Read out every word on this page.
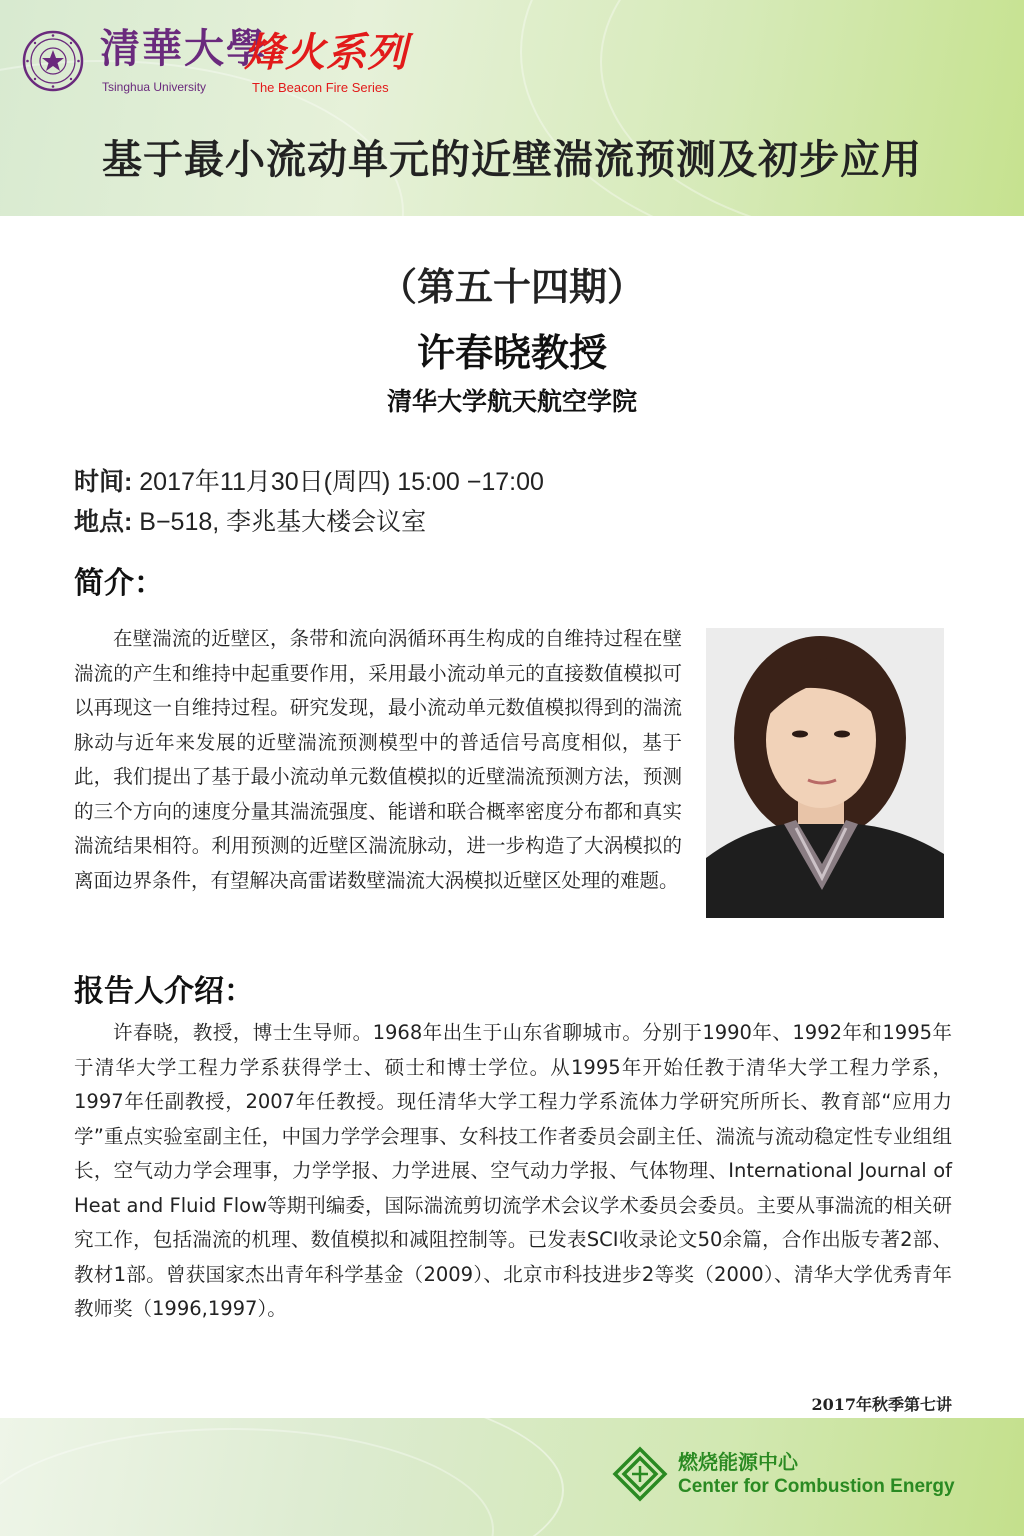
清華大學
Tsinghua University
烽火系列
The Beacon Fire Series
基于最小流动单元的近壁湍流预测及初步应用
（第五十四期）
许春晓教授
清华大学航天航空学院
时间: 2017年11月30日(周四) 15:00 −17:00
地点: B−518, 李兆基大楼会议室
简介：
在壁湍流的近壁区，条带和流向涡循环再生构成的自维持过程在壁湍流的产生和维持中起重要作用，采用最小流动单元的直接数值模拟可以再现这一自维持过程。研究发现，最小流动单元数值模拟得到的湍流脉动与近年来发展的近壁湍流预测模型中的普适信号高度相似，基于此，我们提出了基于最小流动单元数值模拟的近壁湍流预测方法，预测的三个方向的速度分量其湍流强度、能谱和联合概率密度分布都和真实湍流结果相符。利用预测的近壁区湍流脉动，进一步构造了大涡模拟的离面边界条件，有望解决高雷诺数壁湍流大涡模拟近壁区处理的难题。
报告人介绍：
许春晓，教授，博士生导师。1968年出生于山东省聊城市。分别于1990年、1992年和1995年于清华大学工程力学系获得学士、硕士和博士学位。从1995年开始任教于清华大学工程力学系，1997年任副教授，2007年任教授。现任清华大学工程力学系流体力学研究所所长、教育部“应用力学”重点实验室副主任，中国力学学会理事、女科技工作者委员会副主任、湍流与流动稳定性专业组组长，空气动力学会理事，力学学报、力学进展、空气动力学报、气体物理、International Journal of Heat and Fluid Flow等期刊编委，国际湍流剪切流学术会议学术委员会委员。主要从事湍流的相关研究工作，包括湍流的机理、数值模拟和减阻控制等。已发表SCI收录论文50余篇，合作出版专著2部、教材1部。曾获国家杰出青年科学基金（2009）、北京市科技进步2等奖（2000）、清华大学优秀青年教师奖（1996,1997）。
2017年秋季第七讲
燃烧能源中心
Center for Combustion Energy
